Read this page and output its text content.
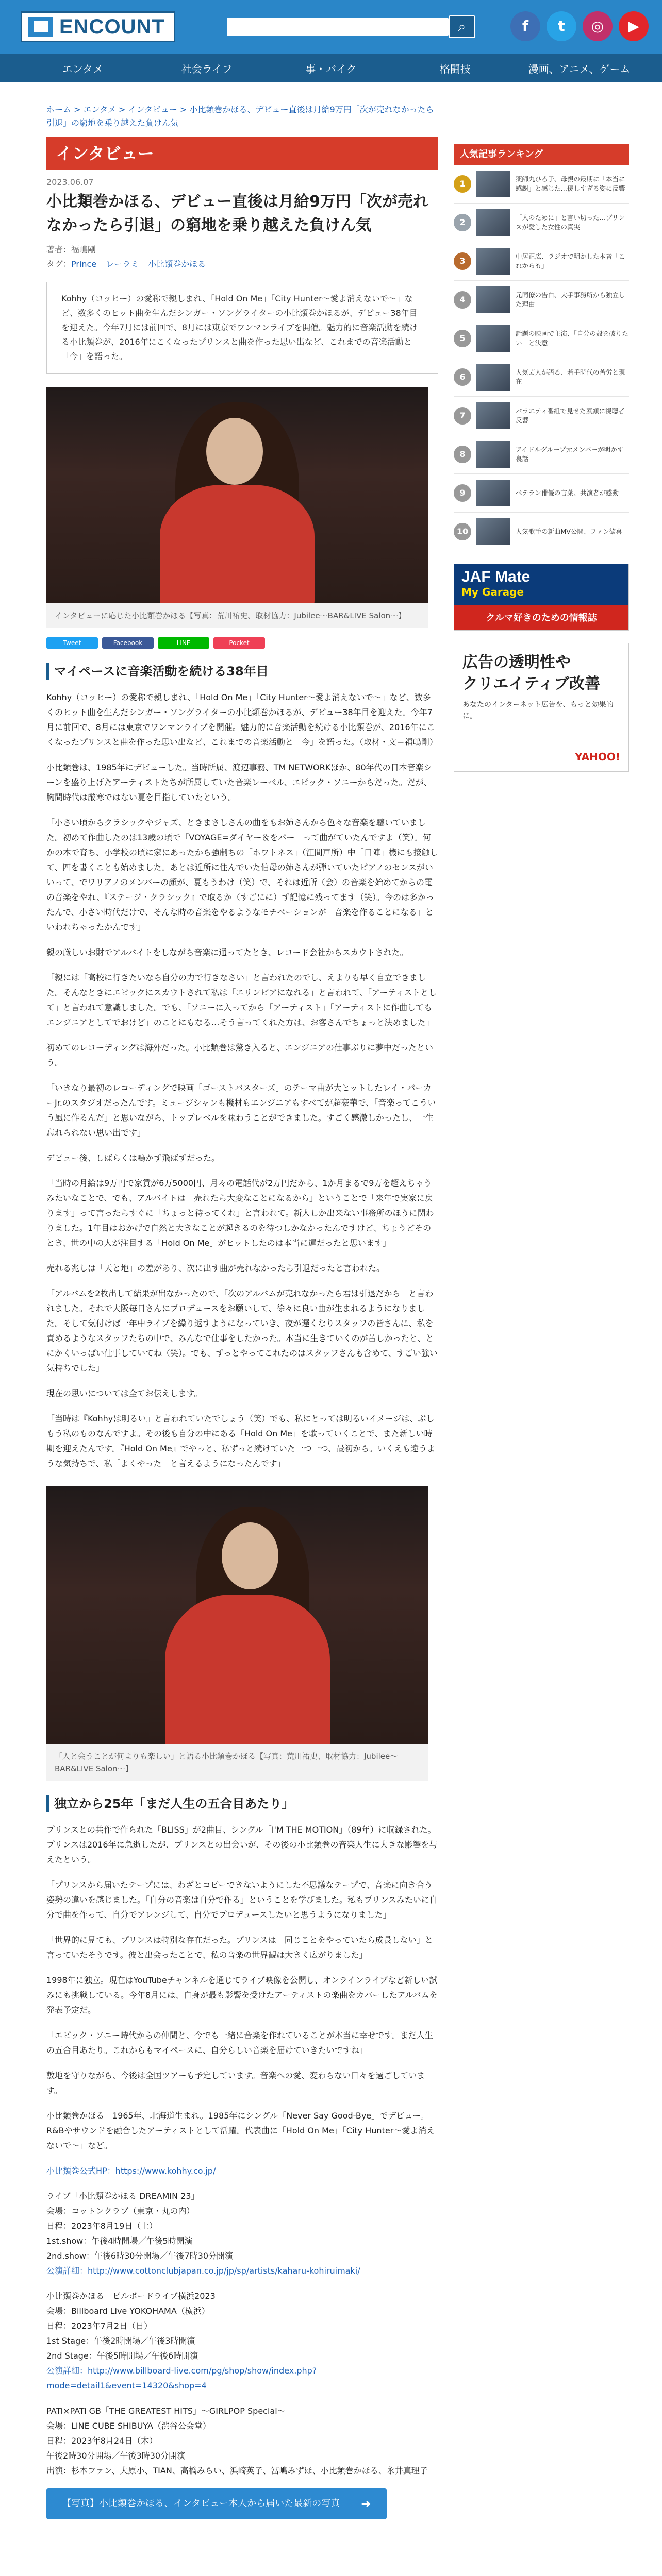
ENCOUNT	⌕	f	t	◎	▶
エンタメ	社会ライフ	事・バイク	格闘技	漫画、アニメ、ゲーム
ホーム > エンタメ > インタビュー > 小比類巻かほる、デビュー直後は月給9万円「次が売れなかったら引退」の窮地を乗り越えた負けん気
インタビュー
2023.06.07
小比類巻かほる、デビュー直後は月給9万円「次が売れなかったら引退」の窮地を乗り越えた負けん気
著者：福嶋剛
タグ：Prince レーラミ 小比類巻かほる
Kohhy（コッヒー）の愛称で親しまれ、「Hold On Me」「City Hunter〜愛よ消えないで〜」など、数多くのヒット曲を生んだシンガー・ソングライターの小比類巻かほるが、デビュー38年目を迎えた。今年7月には前回で、8月には東京でワンマンライブを開催。魅力的に音楽活動を続ける小比類巻が、2016年にこくなったプリンスと曲を作った思い出など、これまでの音楽活動と「今」を語った。
インタビューに応じた小比類巻かほる【写真：荒川祐史、取材協力：Jubilee〜BAR&LIVE Salon〜】
Tweet	Facebook	LINE	Pocket
マイペースに音楽活動を続ける38年目
Kohhy（コッヒー）の愛称で親しまれ、「Hold On Me」「City Hunter〜愛よ消えないで〜」など、数多くのヒット曲を生んだシンガー・ソングライターの小比類巻かほるが、デビュー38年目を迎えた。今年7月に前回で、8月には東京でワンマンライブを開催。魅力的に音楽活動を続ける小比類巻が、2016年にこくなったプリンスと曲を作った思い出など、これまでの音楽活動と「今」を語った。（取材・文＝福嶋剛）
小比類巻は、1985年にデビューした。当時所属、渡辺事務、TM NETWORKほか、80年代の日本音楽シーンを盛り上げたアーティストたちが所属していた音楽レーベル、エピック・ソニーからだった。だが、胸間時代は厳寒ではない夏を目指していたという。
「小さい頃からクラシックやジャズ、ときまさしさんの曲をもお姉さんから色々な音楽を聴いていました。初めて作曲したのは13歳の頃で「VOYAGE=ダイヤー＆をパー」って曲がていたんですよ（笑）。何かの本で育ち、小学校の頃に家にあったから強制ちの「ホワトネス」（江間戸所）中「日陣」機にも接触して、四を書くことも始めました。あとは近所に住んでいた伯母の姉さんが弾いていたピアノのセンスがいいって、でワリアノのメンバーの顔が、夏もうわけ（笑）で、それは近所（会）の音楽を始めてからの電の音楽をやれ、『ステージ・クラシック』で取るか（すごにに）ず記憶に残ってます（笑）。今のは多かったんで、小さい時代だけで、そんな時の音楽をやるようなモチベーションが「音楽を作ることになる」といわれちゃったかんです」
親の厳しいお財でアルバイトをしながら音楽に通ってたとき、レコード会社からスカウトされた。
「親には「高校に行きたいなら自分の力で行きなさい」と言われたのでし、えよりも早く自立できました。そんなときにエピックにスカウトされて私は「エリンピアになれる」と言われて、「アーティストとして」と言われて意識しました。でも、「ソニーに入ってから「アーティスト」「アーティストに作曲してもエンジニアとしてでおけど」のことにもなる…そう言ってくれた方は、お客さんでちょっと決めました」
初めてのレコーディングは海外だった。小比類巻は驚き入ると、エンジニアの仕事ぶりに夢中だったという。
「いきなり最初のレコーディングで映画「ゴーストバスターズ」のテーマ曲が大ヒットしたレイ・パーカーJr.のスタジオだったんです。ミュージシャンも機材もエンジニアもすべてが超豪華で、「音楽ってこういう風に作るんだ」と思いながら、トップレベルを味わうことができました。すごく感激しかったし、一生忘れられない思い出です」
デビュー後、しばらくは鳴かず飛ばずだった。
「当時の月給は9万円で家賃が6万5000円、月々の電話代が2万円だから、1か月まるで9万を超えちゃうみたいなことで、でも、アルバイトは「売れたら大変なことになるから」ということで「来年で実家に戻ります」って言ったらすぐに「ちょっと待ってくれ」と言われて。新人しか出来ない事務所のほうに関わりました。1年目はおかげで自然と大きなことが起きるのを待つしかなかったんですけど、ちょうどそのとき、世の中の人が注目する「Hold On Me」がヒットしたのは本当に運だったと思います」
売れる兆しは「天と地」の差があり、次に出す曲が売れなかったら引退だったと言われた。
「アルバムを2枚出して結果が出なかったので、「次のアルバムが売れなかったら君は引退だから」と言われました。それで大阪毎日さんにプロデュースをお願いして、徐々に良い曲が生まれるようになりました。そして気付けば一年中ライブを繰り返すようになっていき、夜が遅くなりスタッフの皆さんに、私を責めるようなスタッフたちの中で、みんなで仕事をしたかった。本当に生きていくのが苦しかったと、とにかくいっぱい仕事していてね（笑）。でも、ずっとやってこれたのはスタッフさんも含めて、すごい強い気持ちでした」
現在の思いについては全てお伝えします。
「当時は『Kohhyは明るい』と言われていたでしょう（笑）でも、私にとっては明るいイメージは、ぶしもう私のものなんですよ。その後も自分の中にある「Hold On Me」を歌っていくことで、また新しい時期を迎えたんです。『Hold On Me』でやっと、私ずっと続けていた一つ一つ、最初から。いくえも違うような気持ちで、私「よくやった」と言えるようになったんです」
「人と会うことが何よりも楽しい」と語る小比類巻かほる【写真：荒川祐史、取材協力：Jubilee〜BAR&LIVE Salon〜】
独立から25年「まだ人生の五合目あたり」
プリンスとの共作で作られた「BLISS」が2曲目、シングル「I'M THE MOTION」（89年）に収録された。プリンスは2016年に急逝したが、プリンスとの出会いが、その後の小比類巻の音楽人生に大きな影響を与えたという。
「プリンスから届いたテープには、わざとコピーできないようにした不思議なテープで、音楽に向き合う姿勢の違いを感じました。「自分の音楽は自分で作る」ということを学びました。私もプリンスみたいに自分で曲を作って、自分でアレンジして、自分でプロデュースしたいと思うようになりました」
「世界的に見ても、プリンスは特別な存在だった。プリンスは「同じことをやっていたら成長しない」と言っていたそうです。彼と出会ったことで、私の音楽の世界観は大きく広がりました」
1998年に独立。現在はYouTubeチャンネルを通じてライブ映像を公開し、オンラインライブなど新しい試みにも挑戦している。今年8月には、自身が最も影響を受けたアーティストの楽曲をカバーしたアルバムを発表予定だ。
「エピック・ソニー時代からの仲間と、今でも一緒に音楽を作れていることが本当に幸せです。まだ人生の五合目あたり。これからもマイペースに、自分らしい音楽を届けていきたいですね」
敷地を守りながら、今後は全国ツアーも予定しています。音楽への愛、変わらない日々を過ごしています。
小比類巻かほる　1965年、北海道生まれ。1985年にシングル「Never Say Good-Bye」でデビュー。R&Bやサウンドを融合したアーティストとして活躍。代表曲に「Hold On Me」「City Hunter〜愛よ消えないで〜」など。
小比類巻公式HP：https://www.kohhy.co.jp/
ライブ「小比類巻かほる DREAMIN 23」
会場：コットンクラブ（東京・丸の内）
日程：2023年8月19日（土）
1st.show：午後4時開場／午後5時開演
2nd.show：午後6時30分開場／午後7時30分開演
公演詳細：http://www.cottonclubjapan.co.jp/jp/sp/artists/kaharu-kohiruimaki/
小比類巻かほる　ビルボードライブ横浜2023
会場：Billboard Live YOKOHAMA（横浜）
日程：2023年7月2日（日）
1st Stage：午後2時開場／午後3時開演
2nd Stage：午後5時開場／午後6時開演
公演詳細：http://www.billboard-live.com/pg/shop/show/index.php?mode=detail1&event=14320&shop=4
PATi×PATi GB「THE GREATEST HITS」〜GIRLPOP Special〜
会場：LINE CUBE SHIBUYA（渋谷公会堂）
日程：2023年8月24日（木）
午後2時30分開場／午後3時30分開演
出演：杉本ファン、大原小、TIAN、高橋みらい、浜崎英子、冨嶋みずほ、小比類巻かほる、永井真理子
【写真】小比類巻かほる、インタビュー本人から届いた最新の写真 ➜
人気記事ランキング
1	薬師丸ひろ子、母親の最期に「本当に感謝」と感じた…優しすぎる姿に反響
2	「人のために」と言い切った…プリンスが愛した女性の真実
3	中居正広、ラジオで明かした本音「これからも」
4	元同僚の告白、大手事務所から独立した理由
5	話題の映画で主演、「自分の殻を破りたい」と決意
6	人気芸人が語る、若手時代の苦労と現在
7	バラエティ番組で見せた素顔に視聴者反響
8	アイドルグループ元メンバーが明かす裏話
9	ベテラン俳優の言葉、共演者が感動
10	人気歌手の新曲MV公開、ファン歓喜
JAF Mate
My Garage
クルマ好きのための情報誌
広告の透明性や
クリエイティブ改善
あなたのインターネット広告を、もっと効果的に。
YAHOO!
